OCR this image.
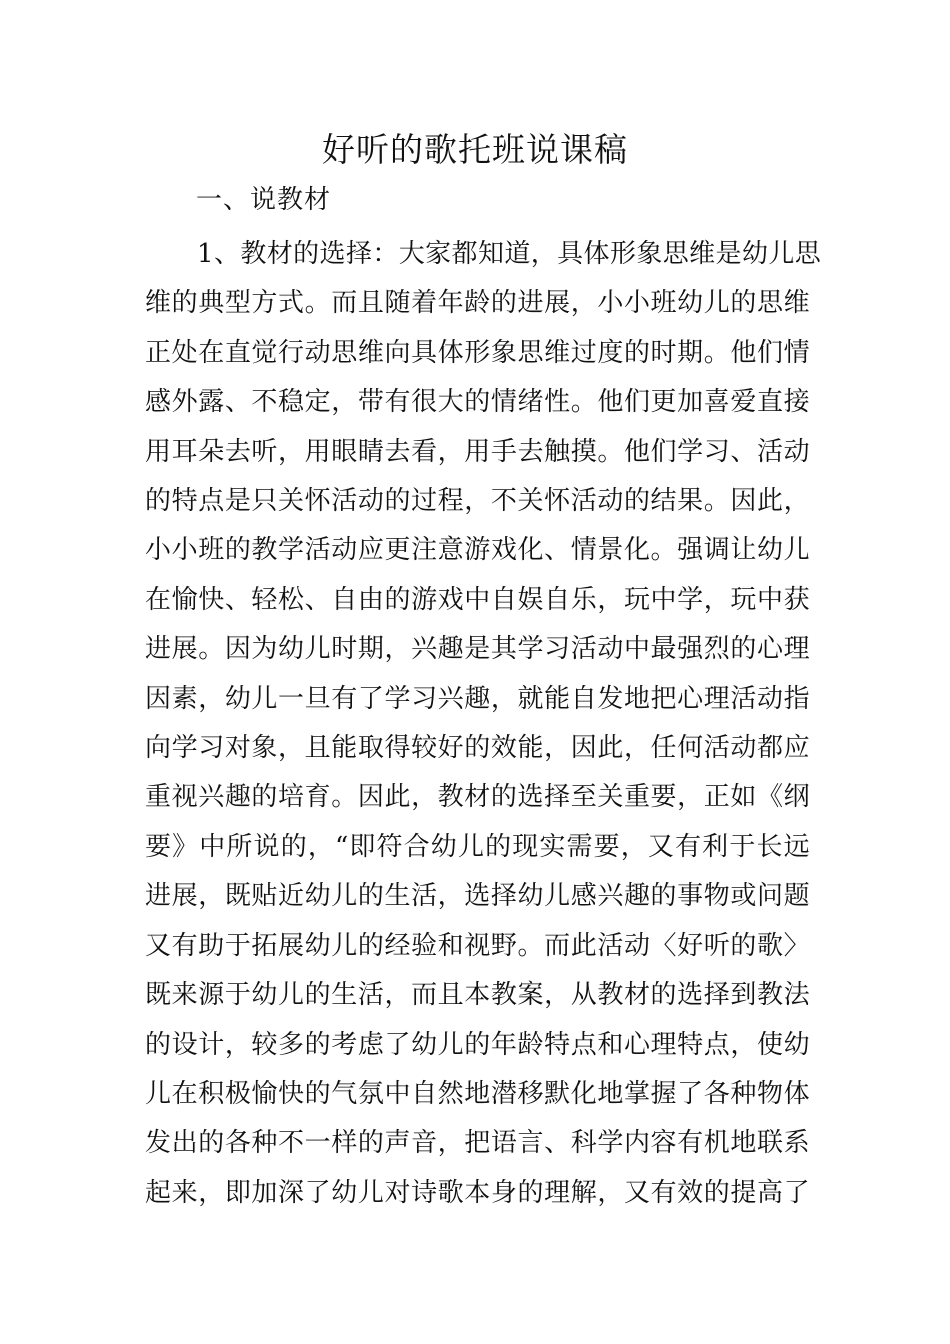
好听的歌托班说课稿

一、说教材

1、教材的选择：大家都知道，具体形象思维是幼儿思
维的典型方式。而且随着年龄的进展，小小班幼儿的思维
正处在直觉行动思维向具体形象思维过度的时期。他们情
感外露、不稳定，带有很大的情绪性。他们更加喜爱直接
用耳朵去听，用眼睛去看，用手去触摸。他们学习、活动
的特点是只关怀活动的过程，不关怀活动的结果。因此，
小小班的教学活动应更注意游戏化、情景化。强调让幼儿
在愉快、轻松、自由的游戏中自娱自乐，玩中学，玩中获
进展。因为幼儿时期，兴趣是其学习活动中最强烈的心理
因素，幼儿一旦有了学习兴趣，就能自发地把心理活动指
向学习对象，且能取得较好的效能，因此，任何活动都应
重视兴趣的培育。因此，教材的选择至关重要，正如《纲
要》中所说的，“即符合幼儿的现实需要，又有利于长远
进展，既贴近幼儿的生活，选择幼儿感兴趣的事物或问题
又有助于拓展幼儿的经验和视野。而此活动〈好听的歌〉
既来源于幼儿的生活，而且本教案，从教材的选择到教法
的设计，较多的考虑了幼儿的年龄特点和心理特点，使幼
儿在积极愉快的气氛中自然地潜移默化地掌握了各种物体
发出的各种不一样的声音，把语言、科学内容有机地联系
起来，即加深了幼儿对诗歌本身的理解，又有效的提高了
